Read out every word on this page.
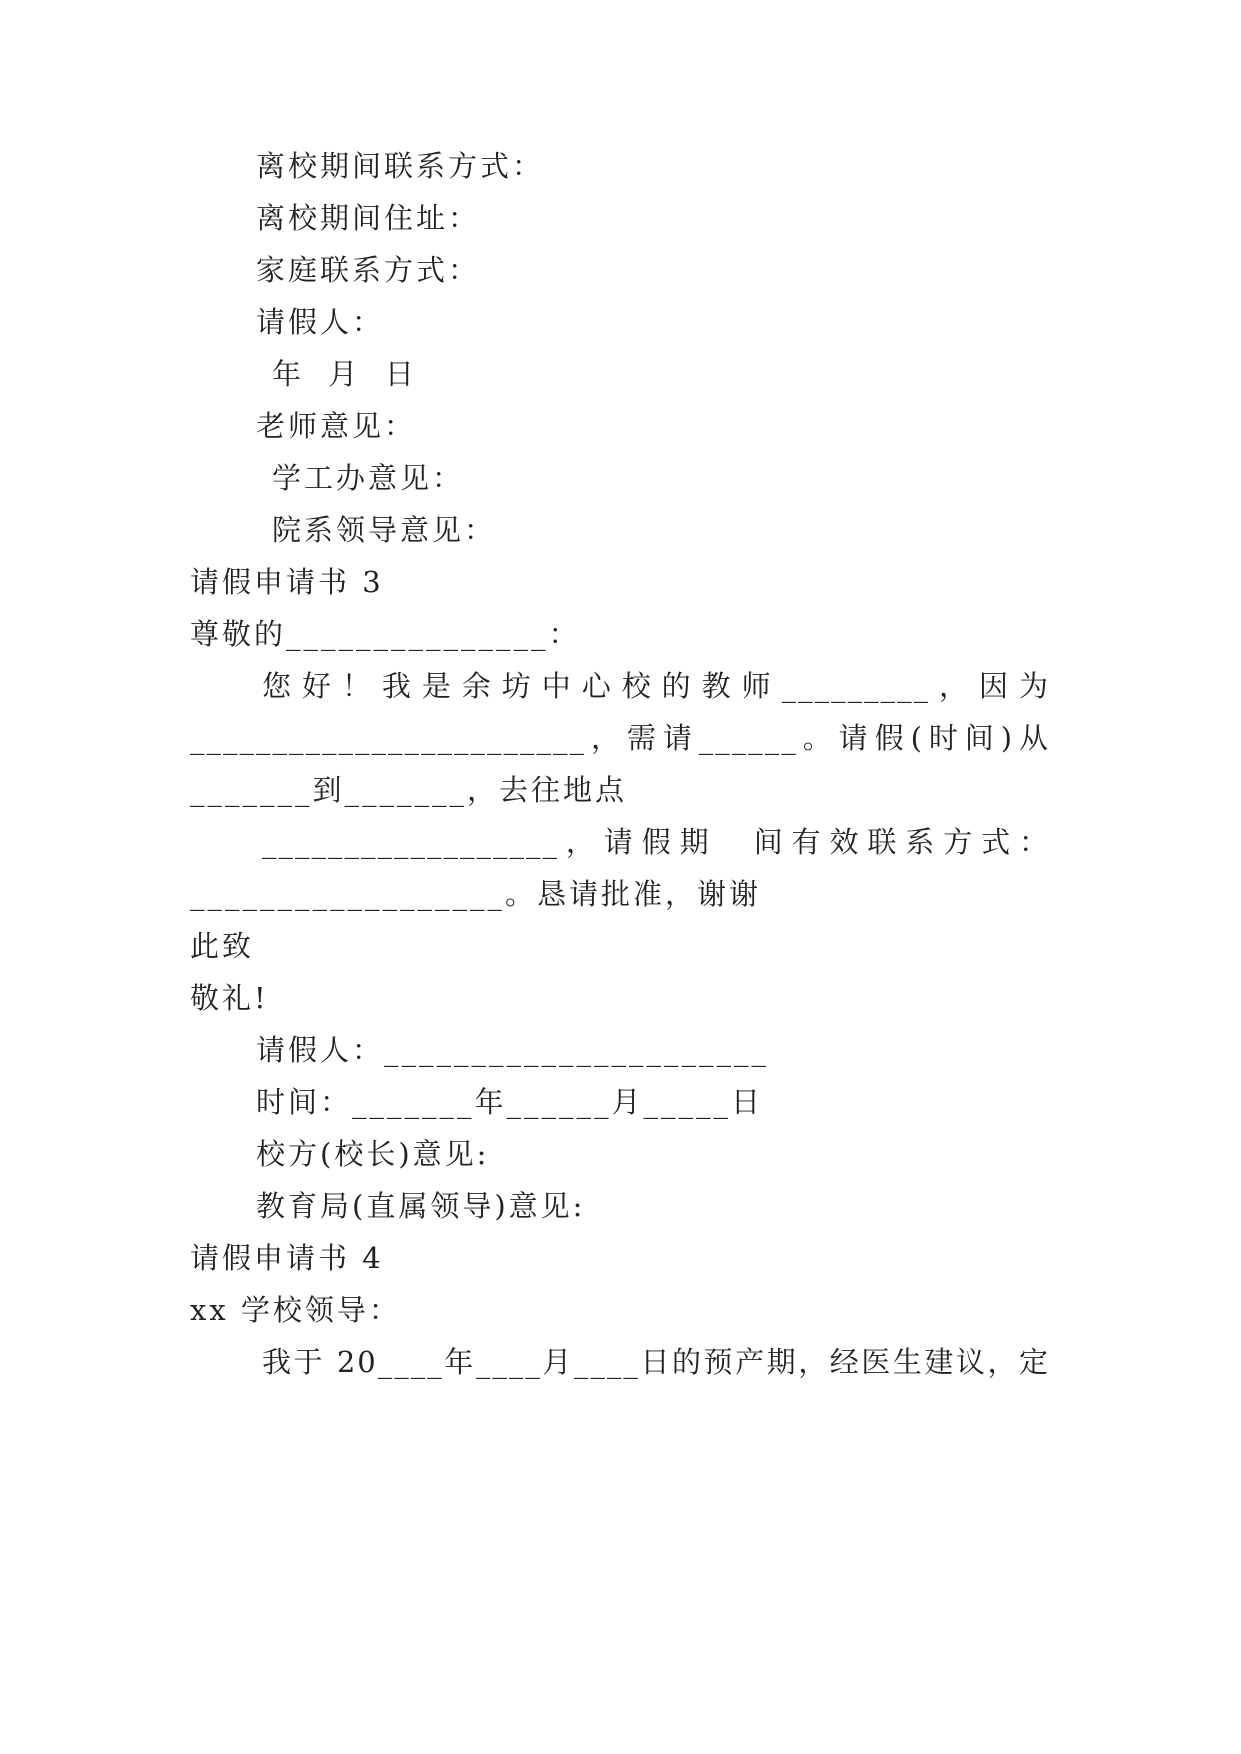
离校期间联系方式：
离校期间住址：
家庭联系方式：
请假人：
年  月  日
老师意见：
学工办意见：
院系领导意见：
请假申请书 3
尊敬的_______________：
您好！我是余坊中心校的教师_________，因为
________________________，需请______。请假(时间)从
_______到_______，去往地点
__________________，请假期  间有效联系方式：
__________________。恳请批准，谢谢
此致
敬礼!
请假人：______________________
时间：_______年______月_____日
校方(校长)意见:
教育局(直属领导)意见:
请假申请书 4
xx 学校领导：
我于 20____年____月____日的预产期，经医生建议，定
